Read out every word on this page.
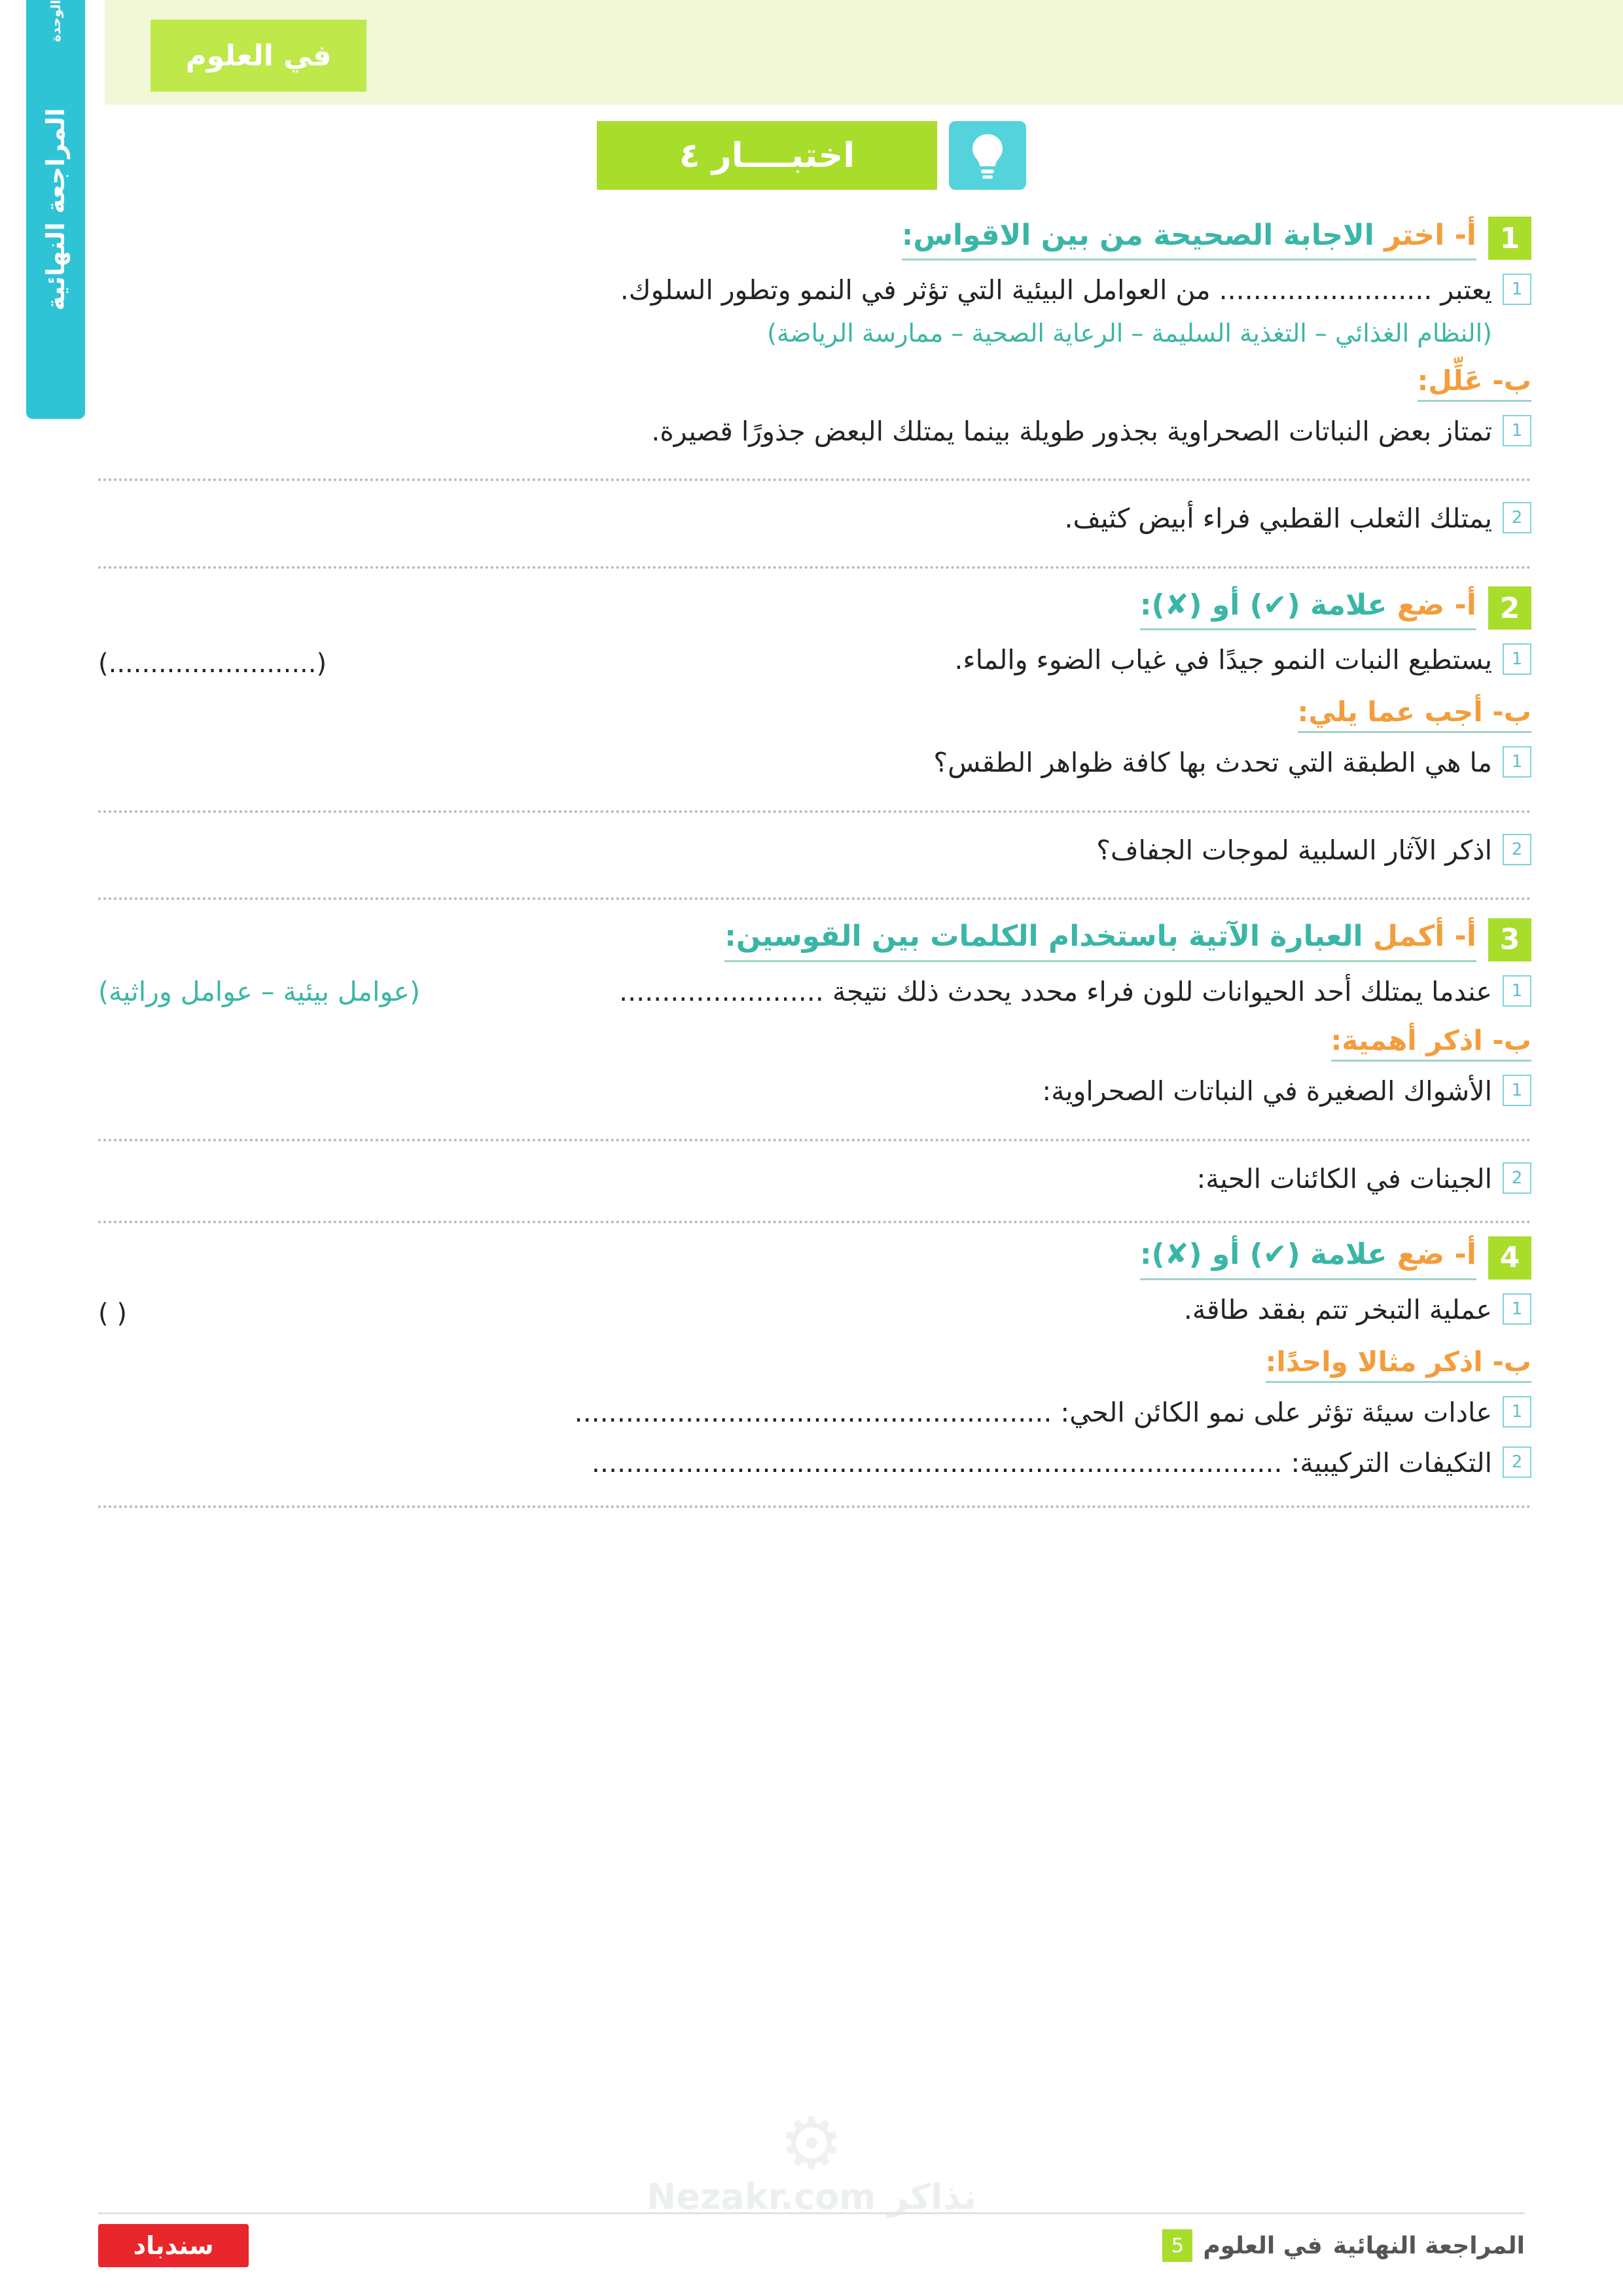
الوحدة
المراجعة النهائية
في العلوم
اختبــــار ٤
1
أ- اختر الاجابة الصحيحة من بين الاقواس:
1
يعتبر ......................... من العوامل البيئية التي تؤثر في النمو وتطور السلوك.
(النظام الغذائي – التغذية السليمة – الرعاية الصحية – ممارسة الرياضة)
ب- عَلِّل:
1
تمتاز بعض النباتات الصحراوية بجذور طويلة بينما يمتلك البعض جذورًا قصيرة.
2
يمتلك الثعلب القطبي فراء أبيض كثيف.
2
أ- ضع علامة (✔) أو (✘):
1
يستطيع النبات النمو جيدًا في غياب الضوء والماء.
(.........................)
ب- أجب عما يلي:
1
ما هي الطبقة التي تحدث بها كافة ظواهر الطقس؟
2
اذكر الآثار السلبية لموجات الجفاف؟
3
أ- أكمل العبارة الآتية باستخدام الكلمات بين القوسين:
1
عندما يمتلك أحد الحيوانات للون فراء محدد يحدث ذلك نتيجة ........................
(عوامل بيئية – عوامل وراثية)
ب- اذكر أهمية:
1
الأشواك الصغيرة في النباتات الصحراوية:
2
الجينات في الكائنات الحية:
4
أ- ضع علامة (✔) أو (✘):
1
عملية التبخر تتم بفقد طاقة.
( )
ب- اذكر مثالا واحدًا:
1
عادات سيئة تؤثر على نمو الكائن الحي: ........................................................
2
التكيفات التركيبية: .................................................................................
⚙
نذاكر Nezakr.com
المراجعة النهائية
في العلوم
5
سندباد
